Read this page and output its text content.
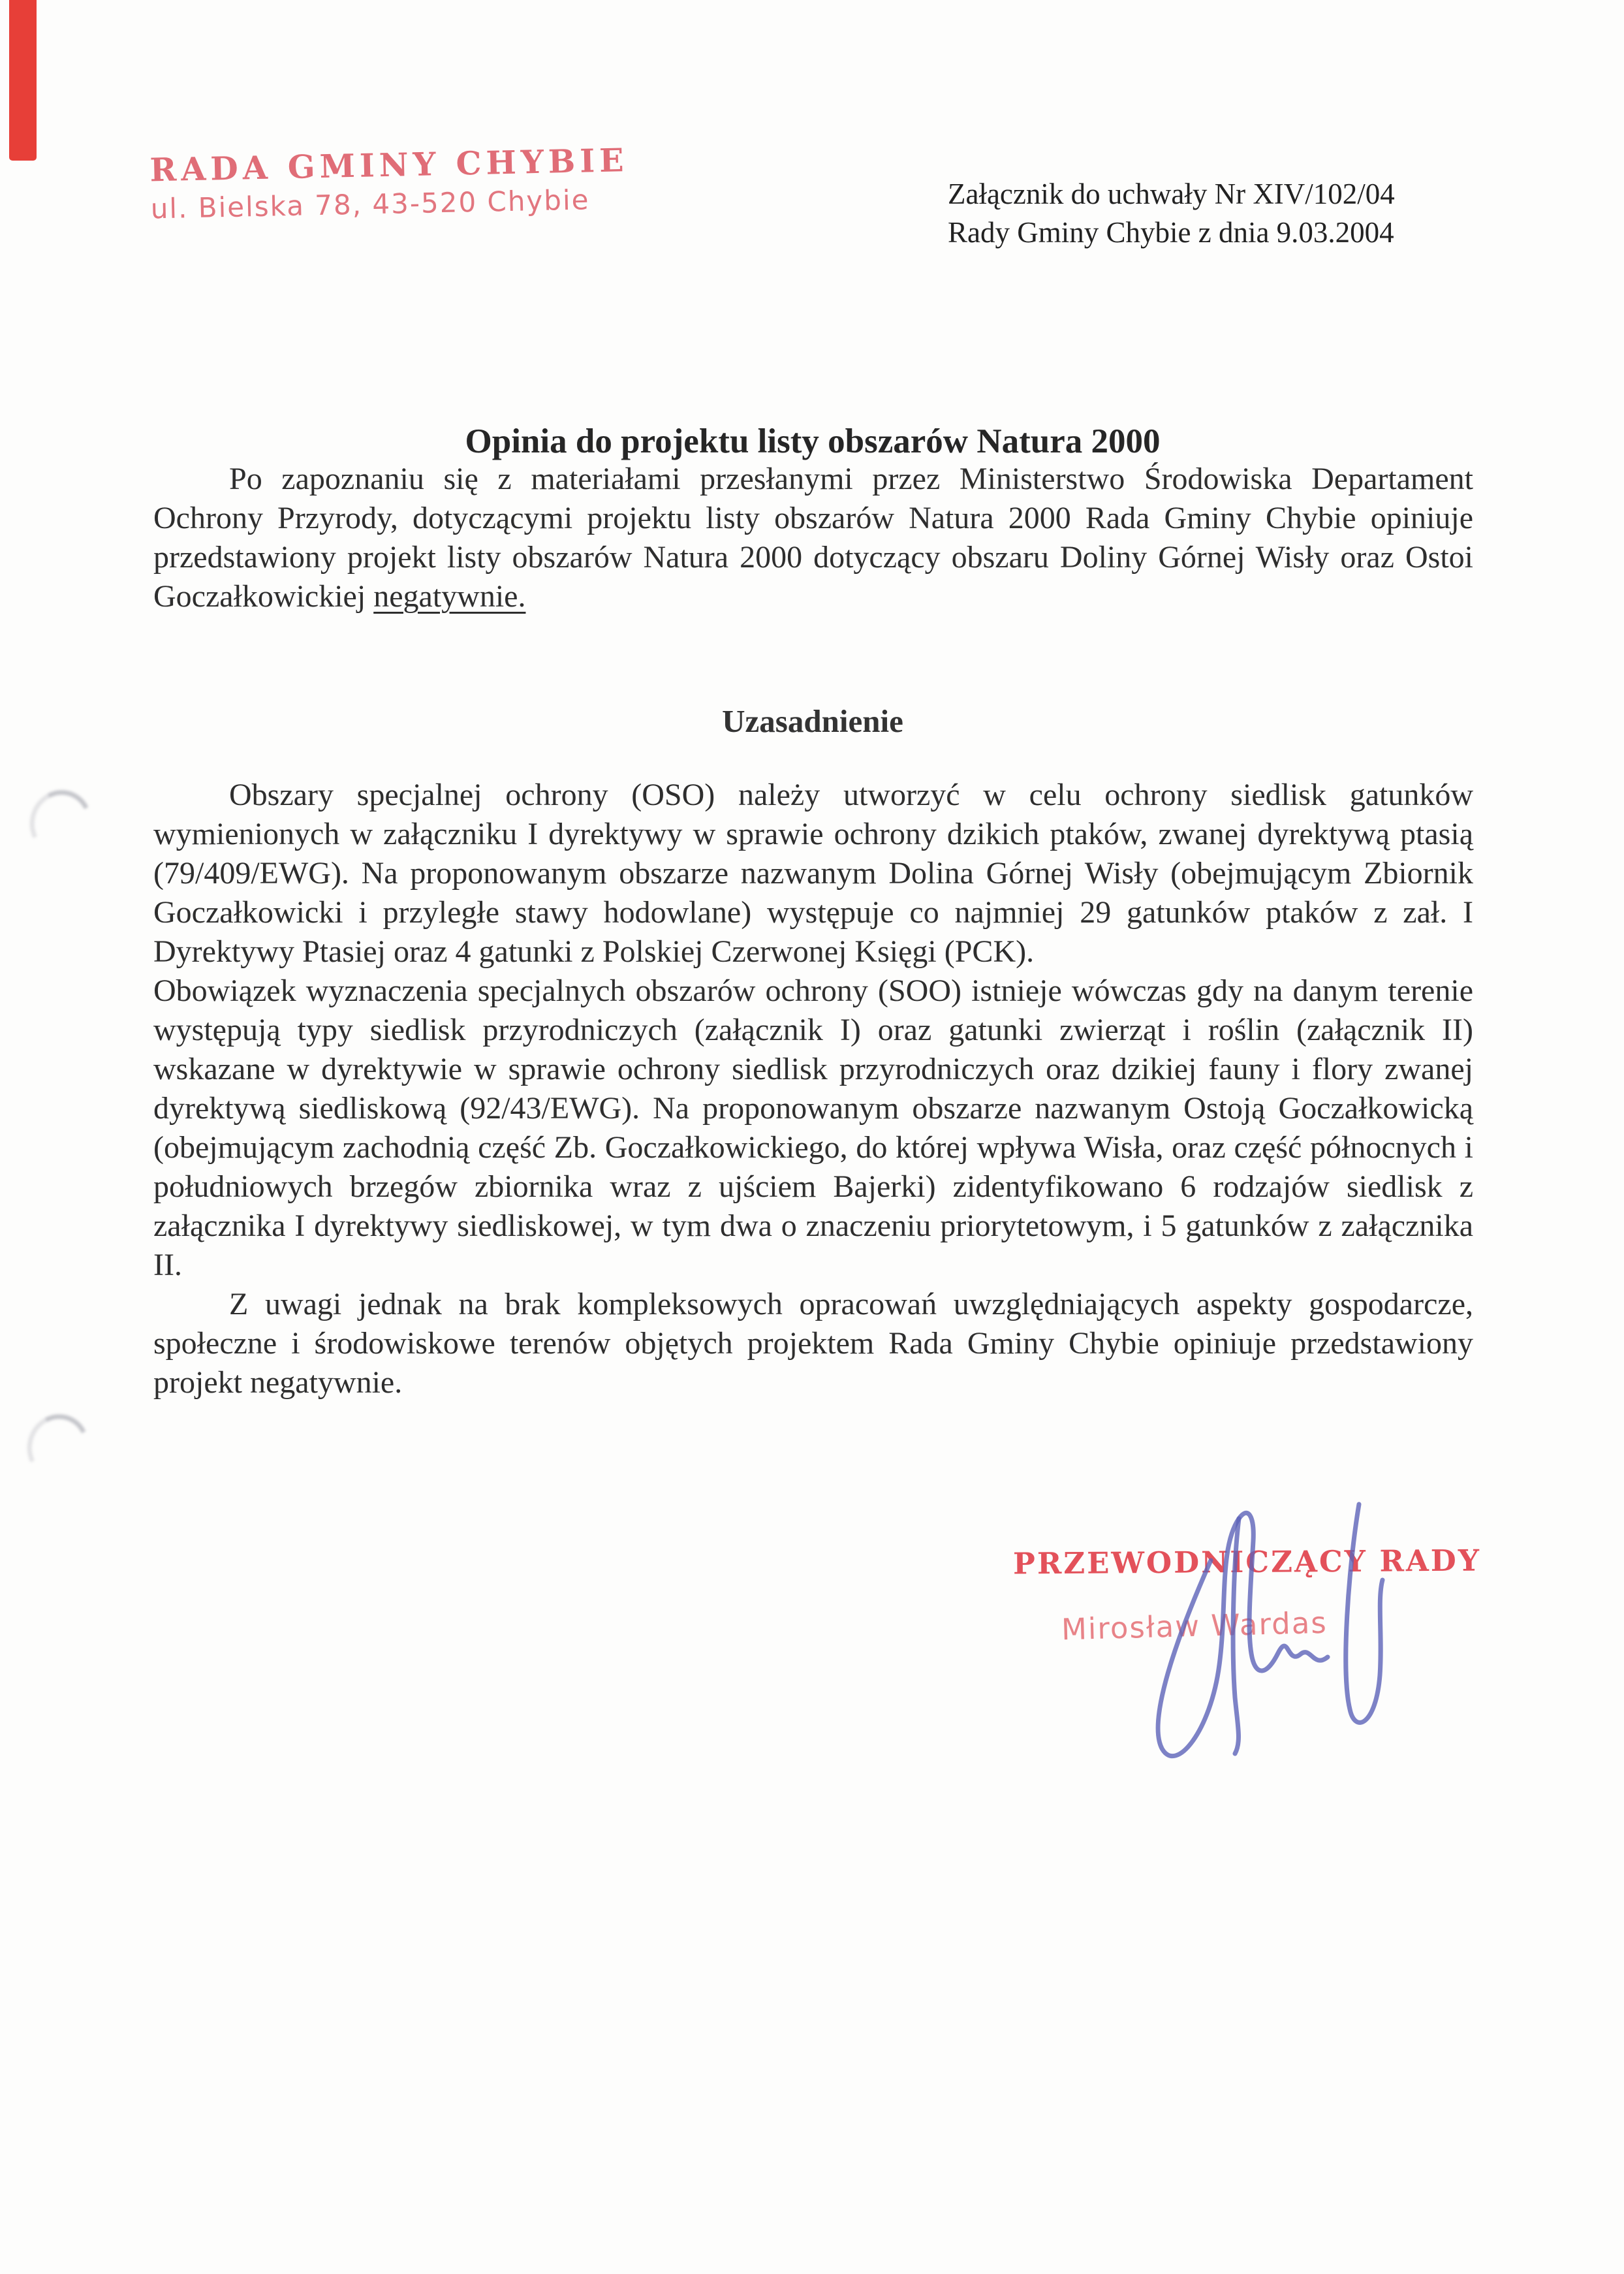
RADA GMINY CHYBIE
ul. Bielska 78, 43-520 Chybie	Załącznik do uchwały Nr XIV/102/04
Rady Gminy Chybie z dnia 9.03.2004
Opinia do projektu listy obszarów Natura 2000

Po zapoznaniu się z materiałami przesłanymi przez Ministerstwo Środowiska Departament Ochrony Przyrody, dotyczącymi projektu listy obszarów Natura 2000 Rada Gminy Chybie opiniuje przedstawiony projekt listy obszarów Natura 2000 dotyczący obszaru Doliny Górnej Wisły oraz Ostoi Goczałkowickiej negatywnie.

Uzasadnienie

Obszary specjalnej ochrony (OSO) należy utworzyć w celu ochrony siedlisk gatunków wymienionych w załączniku I dyrektywy w sprawie ochrony dzikich ptaków, zwanej dyrektywą ptasią (79/409/EWG). Na proponowanym obszarze nazwanym Dolina Górnej Wisły (obejmującym Zbiornik Goczałkowicki i przyległe stawy hodowlane) występuje co najmniej 29 gatunków ptaków z zał. I Dyrektywy Ptasiej oraz 4 gatunki z Polskiej Czerwonej Księgi (PCK).

Obowiązek wyznaczenia specjalnych obszarów ochrony (SOO) istnieje wówczas gdy na danym terenie występują typy siedlisk przyrodniczych (załącznik I) oraz gatunki zwierząt i roślin (załącznik II) wskazane w dyrektywie w sprawie ochrony siedlisk przyrodniczych oraz dzikiej fauny i flory zwanej dyrektywą siedliskową (92/43/EWG). Na proponowanym obszarze nazwanym Ostoją Goczałkowicką (obejmującym zachodnią część Zb. Goczałkowickiego, do której wpływa Wisła, oraz część północnych i południowych brzegów zbiornika wraz z ujściem Bajerki) zidentyfikowano 6 rodzajów siedlisk z załącznika I dyrektywy siedliskowej, w tym dwa o znaczeniu priorytetowym, i 5 gatunków z załącznika II.

Z uwagi jednak na brak kompleksowych opracowań uwzględniających aspekty gospodarcze, społeczne i środowiskowe terenów objętych projektem Rada Gminy Chybie opiniuje przedstawiony projekt negatywnie.

PRZEWODNICZĄCY RADY
Mirosław Wardas
